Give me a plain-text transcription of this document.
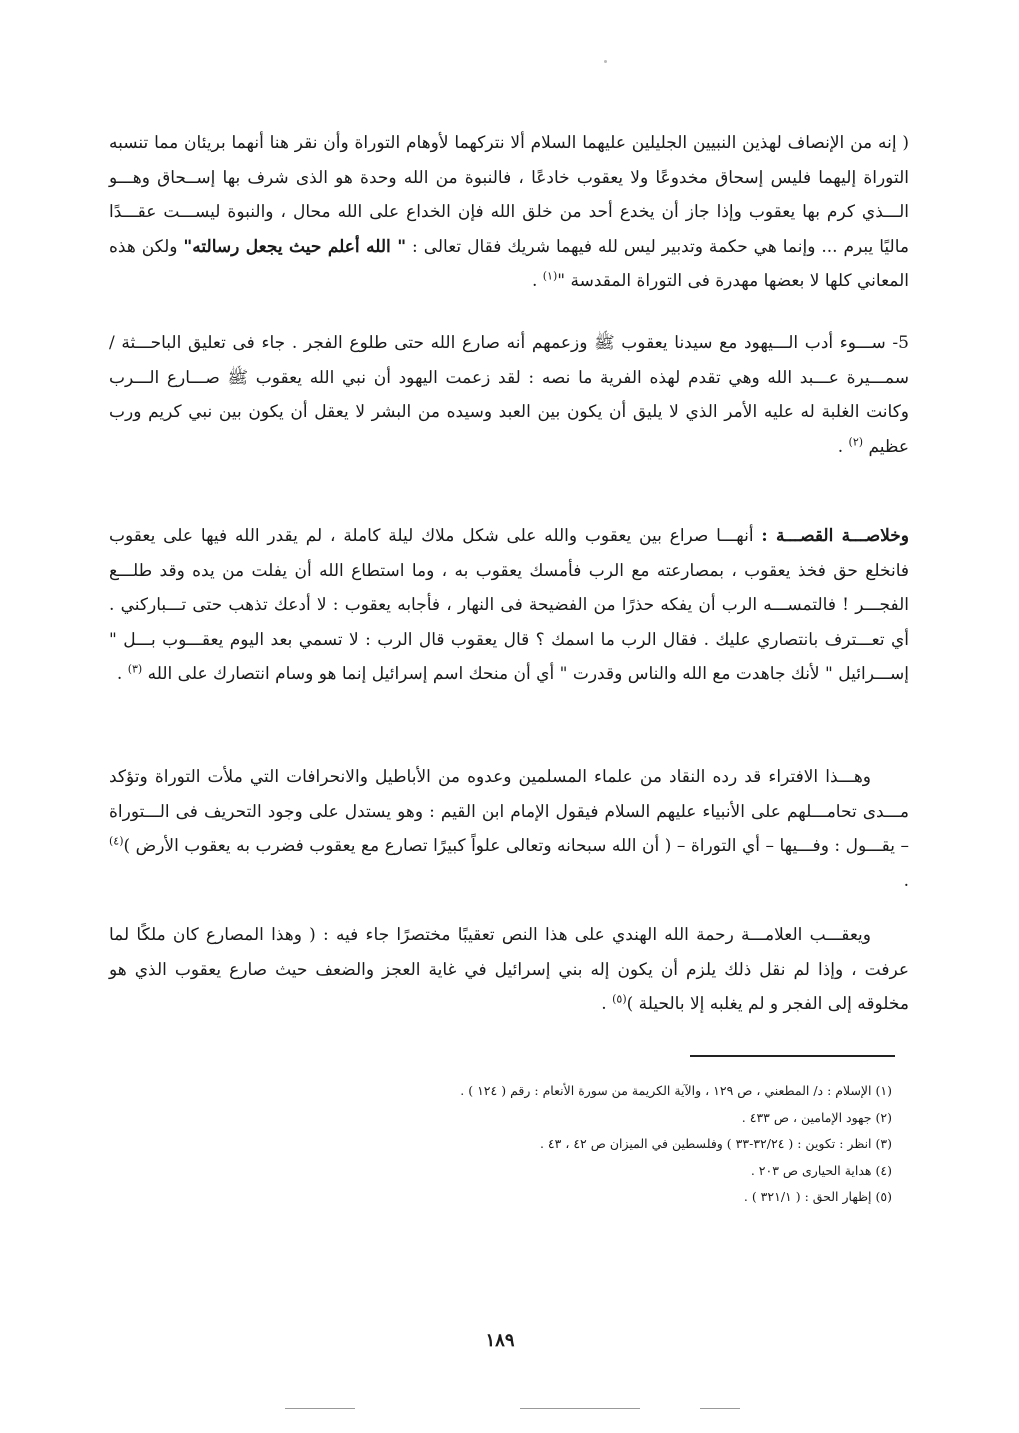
( إنه من الإنصاف لهذين النبيين الجليلين عليهما السلام ألا نتركهما لأوهام التوراة وأن نقر هنا أنهما بريئان مما تنسبه التوراة إليهما فليس إسحاق مخدوعًا ولا يعقوب خادعًا ، فالنبوة من الله وحدة هو الذى شرف بها إســحاق وهـــو الـــذي كرم بها يعقوب وإذا جاز أن يخدع أحد من خلق الله فإن الخداع على الله محال ، والنبوة ليســـت عقـــدًا ماليًا يبرم ... وإنما هي حكمة وتدبير ليس لله فيهما شريك فقال تعالى : " الله أعلم حيث يجعل رسالته" ولكن هذه المعاني كلها لا بعضها مهدرة فى التوراة المقدسة "$^{(١)}$ .

5- ســـوء أدب الـــيهود مع سيدنا يعقوب ﷺ وزعمهم أنه صارع الله حتى طلوع الفجر . جاء فى تعليق الباحـــثة / سمـــيرة عـــبد الله وهي تقدم لهذه الفرية ما نصه : لقد زعمت اليهود أن نبي الله يعقوب ﷺ صـــارع الـــرب وكانت الغلبة له عليه الأمر الذي لا يليق أن يكون بين العبد وسيده من البشر لا يعقل أن يكون بين نبي كريم ورب عظيم $^{(٢)}$ .

وخلاصـــة القصـــة : أنهـــا صراع بين يعقوب والله على شكل ملاك ليلة كاملة ، لم يقدر الله فيها على يعقوب فانخلع حق فخذ يعقوب ، بمصارعته مع الرب فأمسك يعقوب به ، وما استطاع الله أن يفلت من يده وقد طلـــع الفجـــر ! فالتمســـه الرب أن يفكه حذرًا من الفضيحة فى النهار ، فأجابه يعقوب : لا أدعك تذهب حتى تـــباركني . أي تعـــترف بانتصاري عليك . فقال الرب ما اسمك ؟ قال يعقوب قال الرب : لا تسمي بعد اليوم يعقـــوب بـــل " إســـرائيل " لأنك جاهدت مع الله والناس وقدرت " أي أن منحك اسم إسرائيل إنما هو وسام انتصارك على الله $^{(٣)}$ .

وهـــذا الافتراء قد رده النقاد من علماء المسلمين وعدوه من الأباطيل والانحرافات التي ملأت التوراة وتؤكد مـــدى تحامـــلهم على الأنبياء عليهم السلام فيقول الإمام ابن القيم : وهو يستدل على وجود التحريف فى الـــتوراة – يقـــول : وفـــيها – أي التوراة – ( أن الله سبحانه وتعالى علواً كبيرًا تصارع مع يعقوب فضرب به يعقوب الأرض )$^{(٤)}$ .

ويعقـــب العلامـــة رحمة الله الهندي على هذا النص تعقيبًا مختصرًا جاء فيه : ( وهذا المصارع كان ملكًا لما عرفت ، وإذا لم نقل ذلك يلزم أن يكون إله بني إسرائيل في غاية العجز والضعف حيث صارع يعقوب الذي هو مخلوقه إلى الفجر و لم يغلبه إلا بالحيلة )$^{(٥)}$ .

(١) الإسلام : د/ المطعني ، ص ١٢٩ ، والآية الكريمة من سورة الأنعام : رقم ( ١٢٤ ) .
(٢) جهود الإمامين ، ص ٤٣٣ .
(٣) انظر : تكوين : ( ٣٢/٢٤-٣٣ ) وفلسطين في الميزان ص ٤٢ ، ٤٣ .
(٤) هداية الحيارى ص ٢٠٣ .
(٥) إظهار الحق : ( ٣٢١/١ ) .
١٨٩
